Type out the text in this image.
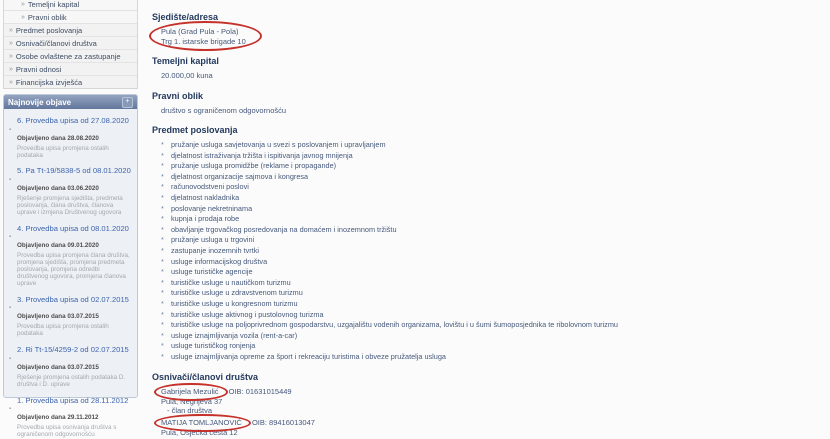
» Temeljni kapital
» Pravni oblik
» Predmet poslovanja
» Osnivači/članovi društva
» Osobe ovlaštene za zastupanje
» Pravni odnosi
» Financijska izvješća
Najnovije objave	+
6. Provedba upisa od 27.08.2020
▪
Objavljeno dana 28.08.2020
Provedba upisa promjena ostalih podataka
5. Pa Tt-19/5838-5 od 08.01.2020
▪
Objavljeno dana 03.06.2020
Rješenje promjena sjedišta, predmeta poslovanja, člana društva, članova uprave i izmjena Društvenog ugovora
4. Provedba upisa od 08.01.2020
▪
Objavljeno dana 09.01.2020
Provedba upisa promjena člana društva, promjena sjedišta, promjena predmeta poslovanja, promjena odredbi društvenog ugovora, promjena članova uprave
3. Provedba upisa od 02.07.2015
▪
Objavljeno dana 03.07.2015
Provedba upisa promjena ostalih podataka
2. Ri Tt-15/4259-2 od 02.07.2015
▪
Objavljeno dana 03.07.2015
Rješenje promjena ostalih podataka D. društva i D. uprave
1. Provedba upisa od 28.11.2012
▪
Objavljeno dana 29.11.2012
Provedba upisa osnivanja društva s ograničenom odgovornošću
Sjedište/adresa
Pula (Grad Pula - Pola)
Trg 1. istarske brigade 10
Temeljni kapital
20.000,00 kuna
Pravni oblik
društvo s ograničenom odgovornošću
Predmet poslovanja
* pružanje usluga savjetovanja u svezi s poslovanjem i upravljanjem
* djelatnost istraživanja tržišta i ispitivanja javnog mnijenja
* pružanje usluga promidžbe (reklame i propagande)
* djelatnost organizacije sajmova i kongresa
* računovodstveni poslovi
* djelatnost nakladnika
* poslovanje nekretninama
* kupnja i prodaja robe
* obavljanje trgovačkog posredovanja na domaćem i inozemnom tržištu
* pružanje usluga u trgovini
* zastupanje inozemnih tvrtki
* usluge informacijskog društva
* usluge turističke agencije
* turističke usluge u nautičkom turizmu
* turističke usluge u zdravstvenom turizmu
* turističke usluge u kongresnom turizmu
* turističke usluge aktivnog i pustolovnog turizma
* turističke usluge na poljoprivrednom gospodarstvu, uzgajalištu vodenih organizama, lovištu i u šumi šumoposjednika te ribolovnom turizmu
* usluge iznajmljivanja vozila (rent-a-car)
* usluge turističkog ronjenja
* usluge iznajmljivanja opreme za šport i rekreaciju turistima i obveze pružatelja usluga
Osnivači/članovi društva
Gabrijela Mezulić OIB: 01631015449
Pula, Negrijeva 37
- član društva
MATIJA TOMLJANOVIĆ OIB: 89416013047
Pula, Osječka cesta 12
